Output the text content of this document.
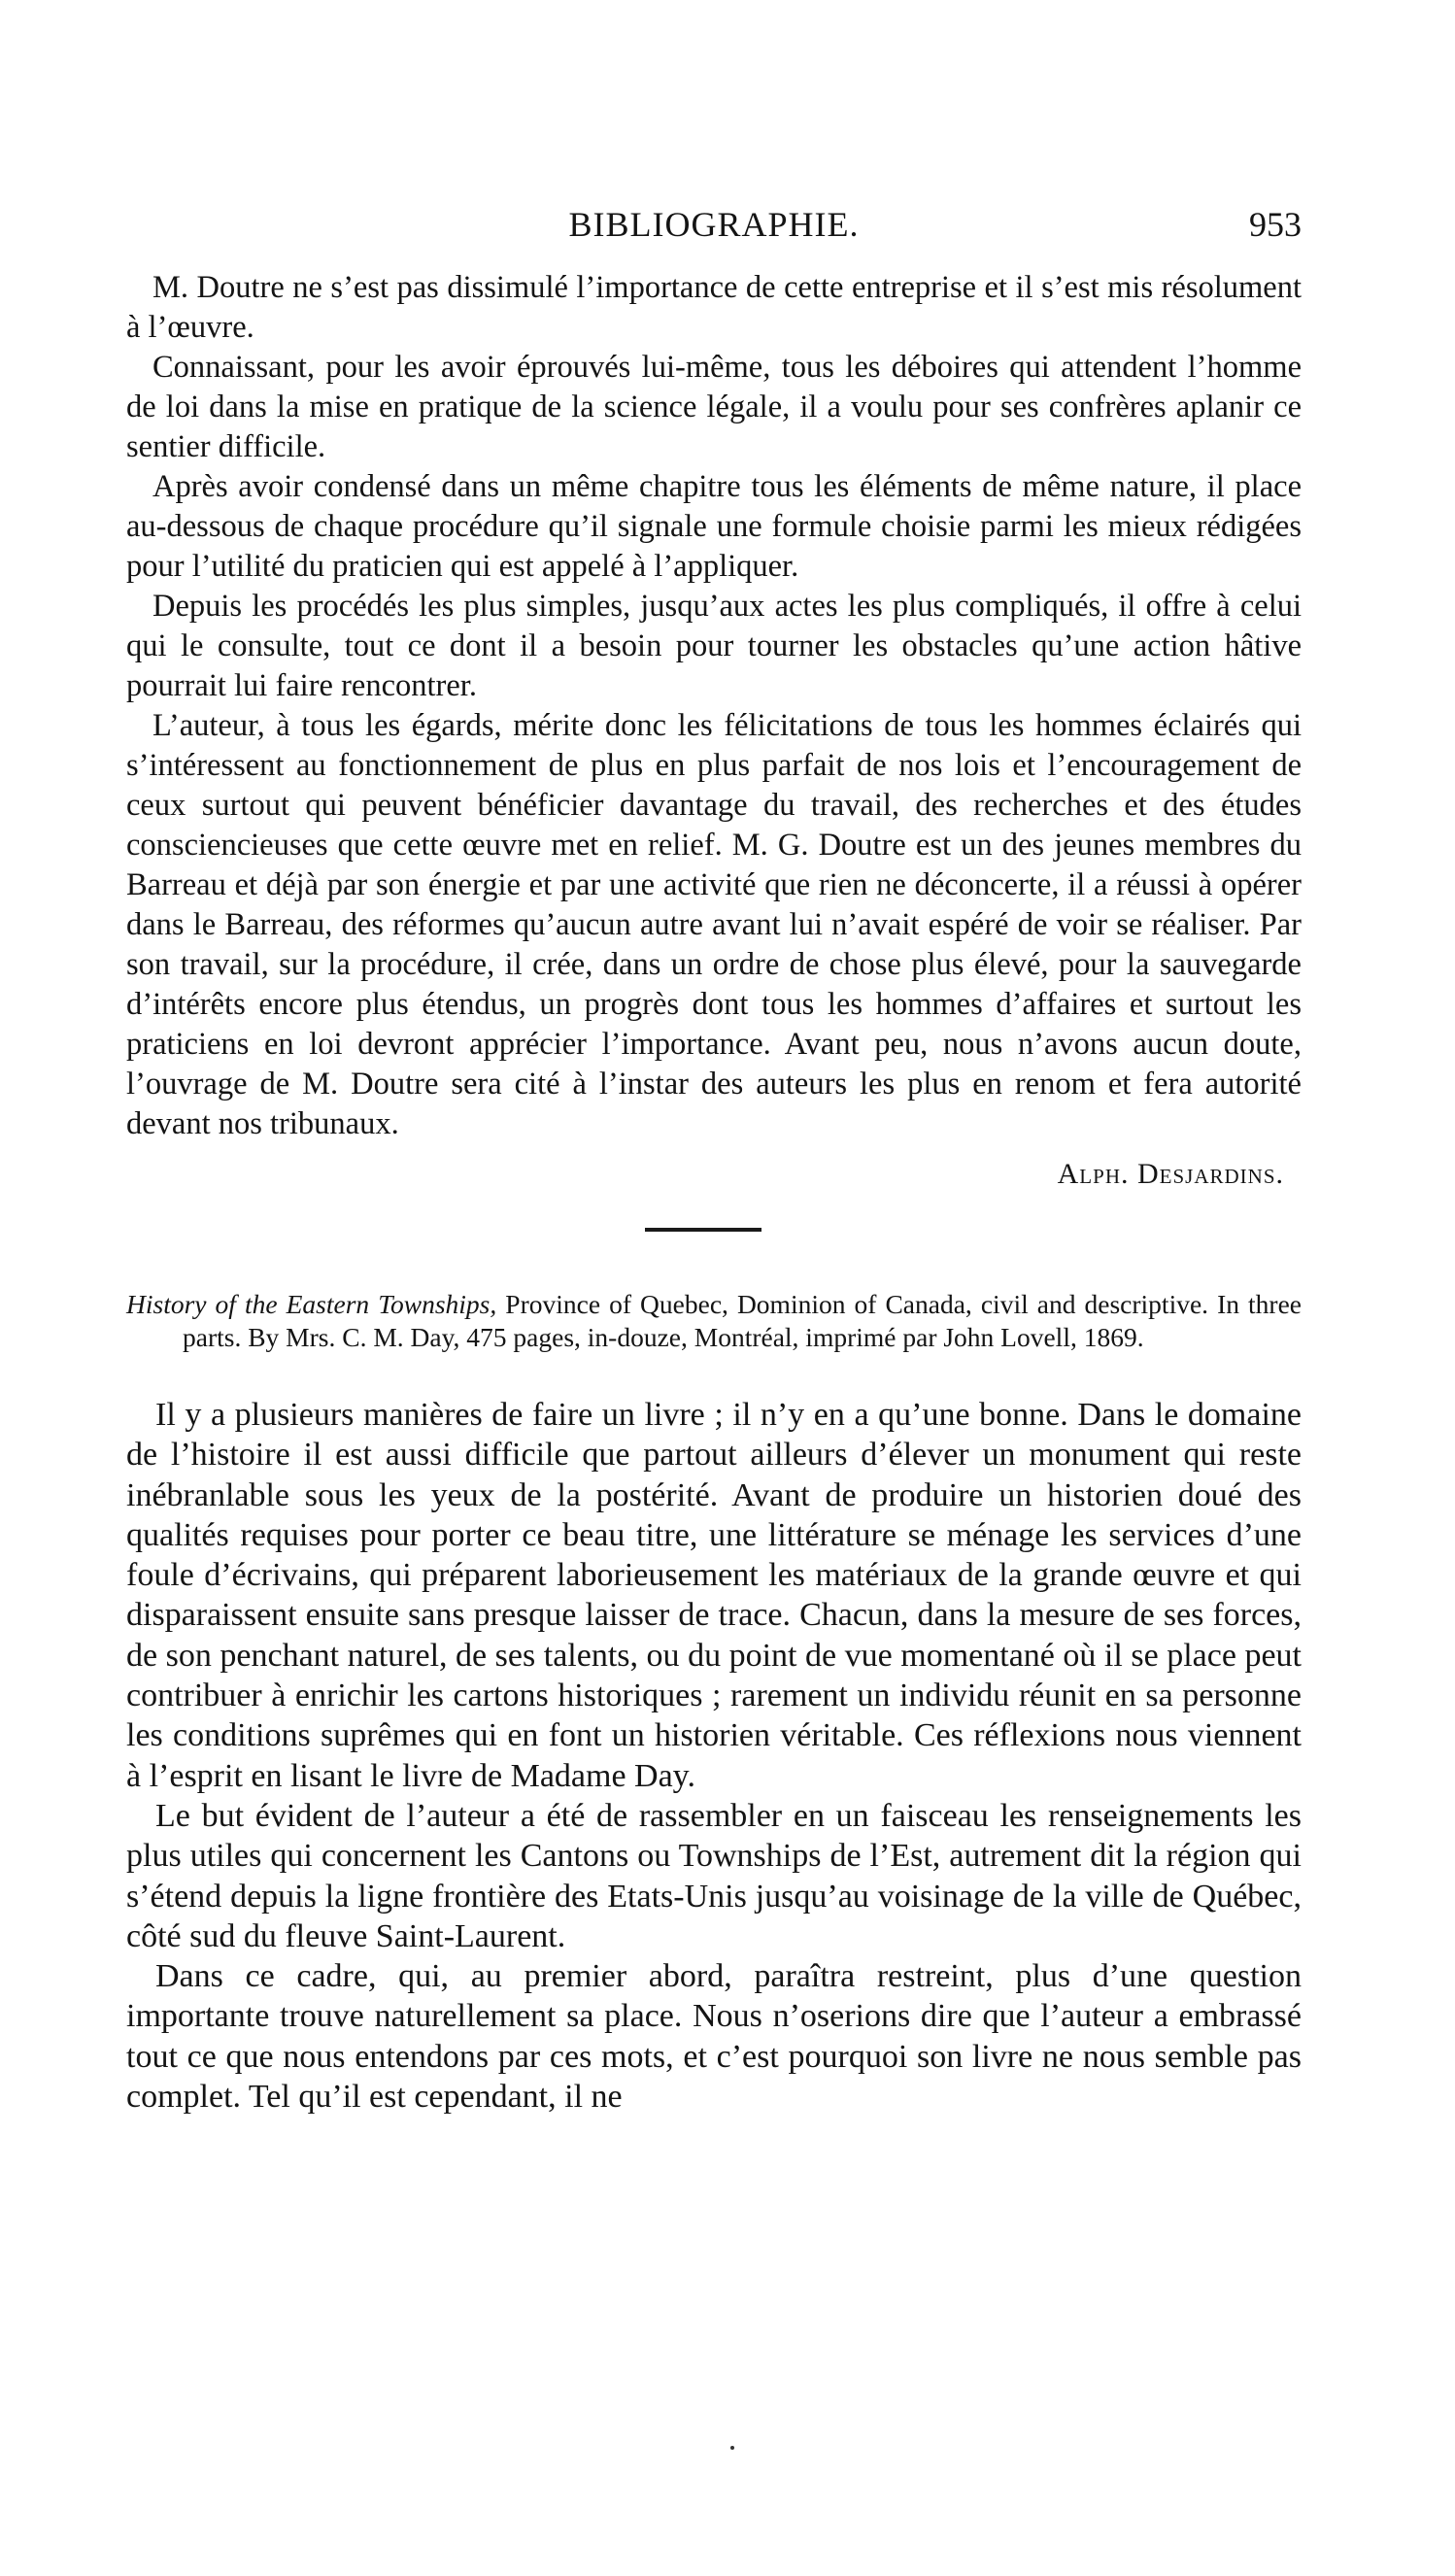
BIBLIOGRAPHIE.	953

M. Doutre ne s’est pas dissimulé l’importance de cette entreprise et il s’est mis résolument à l’œuvre.

Connaissant, pour les avoir éprouvés lui-même, tous les déboires qui attendent l’homme de loi dans la mise en pratique de la science légale, il a voulu pour ses confrères aplanir ce sentier difficile.

Après avoir condensé dans un même chapitre tous les éléments de même nature, il place au-dessous de chaque procédure qu’il signale une formule choisie parmi les mieux rédigées pour l’utilité du praticien qui est appelé à l’appliquer.

Depuis les procédés les plus simples, jusqu’aux actes les plus compliqués, il offre à celui qui le consulte, tout ce dont il a besoin pour tourner les obstacles qu’une action hâtive pourrait lui faire rencontrer.

L’auteur, à tous les égards, mérite donc les félicitations de tous les hommes éclairés qui s’intéressent au fonctionnement de plus en plus parfait de nos lois et l’encouragement de ceux surtout qui peuvent bénéficier davantage du travail, des recherches et des études consciencieuses que cette œuvre met en relief. M. G. Doutre est un des jeunes membres du Barreau et déjà par son énergie et par une activité que rien ne déconcerte, il a réussi à opérer dans le Barreau, des réformes qu’aucun autre avant lui n’avait espéré de voir se réaliser. Par son travail, sur la procédure, il crée, dans un ordre de chose plus élevé, pour la sauvegarde d’intérêts encore plus étendus, un progrès dont tous les hommes d’affaires et surtout les praticiens en loi devront apprécier l’importance. Avant peu, nous n’avons aucun doute, l’ouvrage de M. Doutre sera cité à l’instar des auteurs les plus en renom et fera autorité devant nos tribunaux.

Alph. Desjardins.
History of the Eastern Townships, Province of Quebec, Dominion of Canada, civil and descriptive. In three parts. By Mrs. C. M. Day, 475 pages, in-douze, Montréal, imprimé par John Lovell, 1869.

Il y a plusieurs manières de faire un livre ; il n’y en a qu’une bonne. Dans le domaine de l’histoire il est aussi difficile que partout ailleurs d’élever un monument qui reste inébranlable sous les yeux de la postérité. Avant de produire un historien doué des qualités requises pour porter ce beau titre, une littérature se ménage les services d’une foule d’écrivains, qui préparent laborieusement les matériaux de la grande œuvre et qui disparaissent ensuite sans presque laisser de trace. Chacun, dans la mesure de ses forces, de son penchant naturel, de ses talents, ou du point de vue momentané où il se place peut contribuer à enrichir les cartons historiques ; rarement un individu réunit en sa personne les conditions suprêmes qui en font un historien véritable. Ces réflexions nous viennent à l’esprit en lisant le livre de Madame Day.

Le but évident de l’auteur a été de rassembler en un faisceau les renseignements les plus utiles qui concernent les Cantons ou Townships de l’Est, autrement dit la région qui s’étend depuis la ligne frontière des Etats-Unis jusqu’au voisinage de la ville de Québec, côté sud du fleuve Saint-Laurent.

Dans ce cadre, qui, au premier abord, paraîtra restreint, plus d’une question importante trouve naturellement sa place. Nous n’oserions dire que l’auteur a embrassé tout ce que nous entendons par ces mots, et c’est pourquoi son livre ne nous semble pas complet. Tel qu’il est cependant, il ne
